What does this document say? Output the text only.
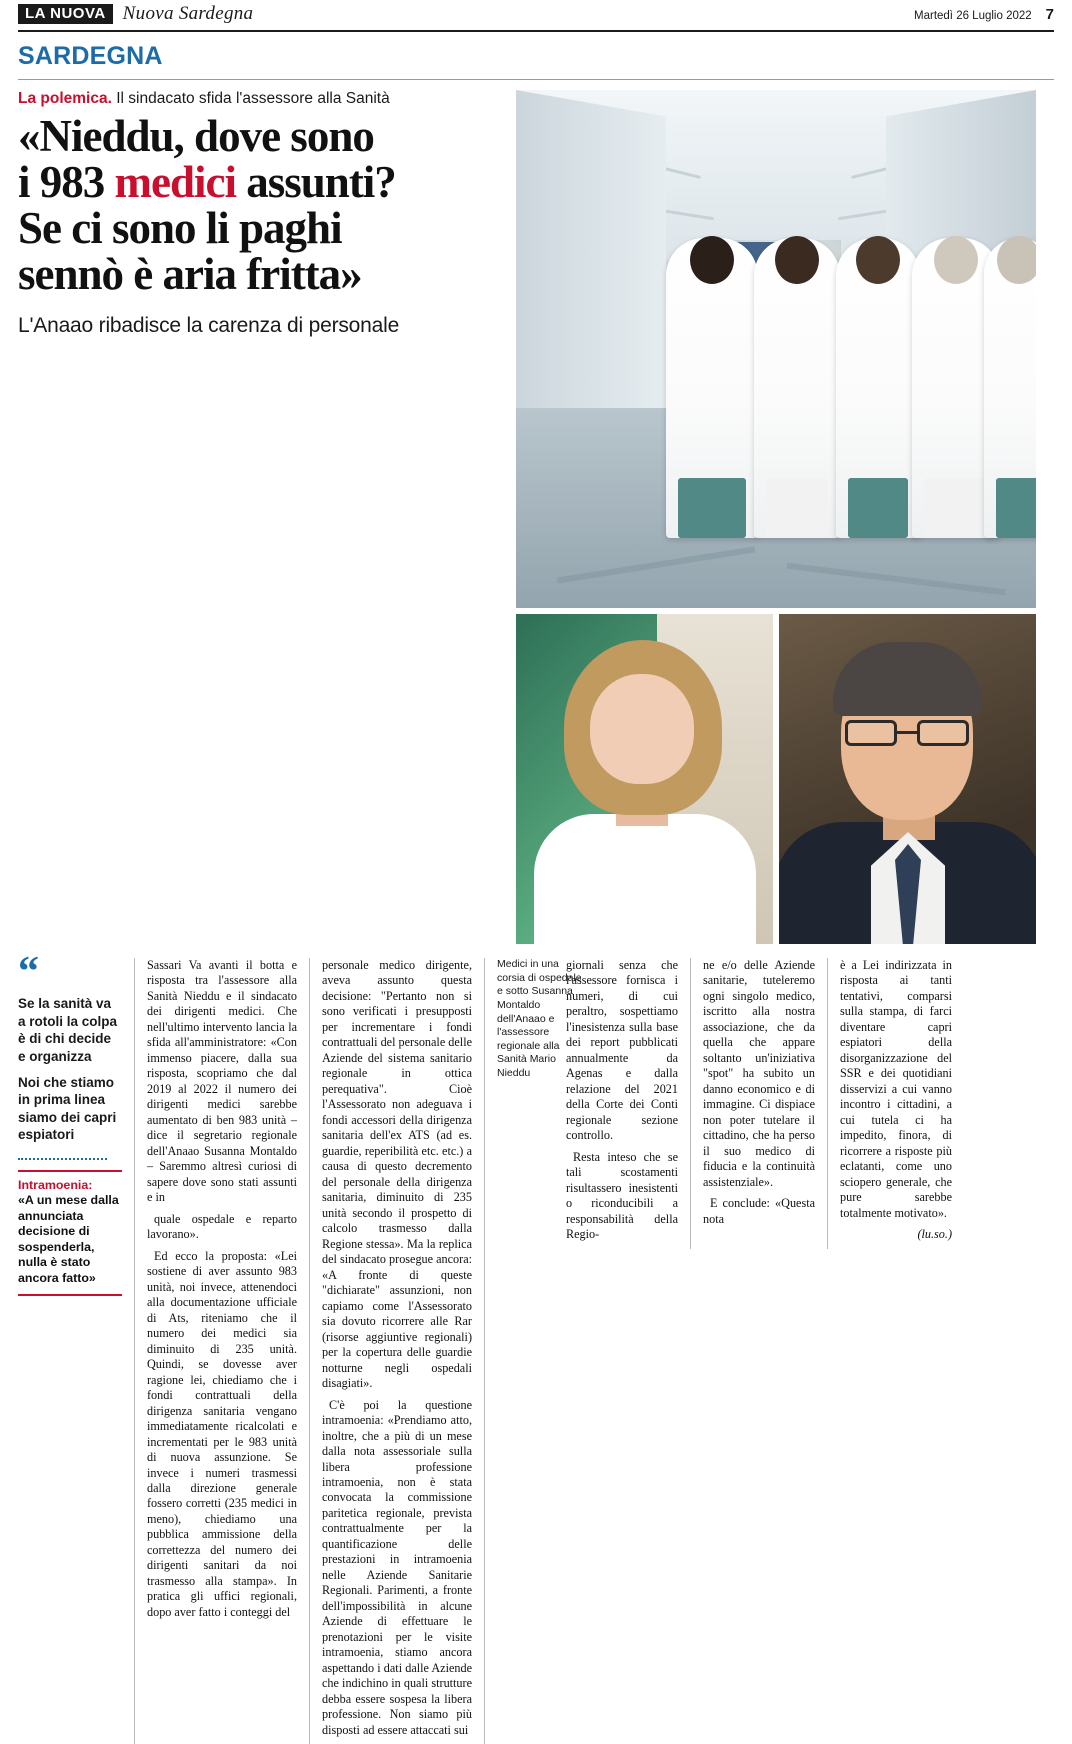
LA NUOVA Nuova Sardegna	Martedì 26 Luglio 2022 7
SARDEGNA
La polemica. Il sindacato sfida l'assessore alla Sanità
«Nieddu, dove sono
i 983 medici assunti?
Se ci sono li paghi
sennò è aria fritta»
L'Anaao ribadisce la carenza di personale
“
Se la sanità va a rotoli la colpa è di chi decide e organizza
Noi che stiamo in prima linea siamo dei capri espiatori
Intramoenia:
«A un mese dalla annunciata decisione di sospenderla, nulla è stato ancora fatto»

Sassari Va avanti il botta e risposta tra l'assessore alla Sanità Nieddu e il sindacato dei dirigenti medici. Che nell'ultimo intervento lancia la sfida all'amministratore: «Con immenso piacere, dalla sua risposta, scopriamo che dal 2019 al 2022 il numero dei dirigenti medici sarebbe aumentato di ben 983 unità – dice il segretario regionale dell'Anaao Susanna Montaldo – Saremmo altresì curiosi di sapere dove sono stati assunti e in

quale ospedale e reparto lavorano».

Ed ecco la proposta: «Lei sostiene di aver assunto 983 unità, noi invece, attenendoci alla documentazione ufficiale di Ats, riteniamo che il numero dei medici sia diminuito di 235 unità. Quindi, se dovesse aver ragione lei, chiediamo che i fondi contrattuali della dirigenza sanitaria vengano immediatamente ricalcolati e incrementati per le 983 unità di nuova assunzione. Se invece i numeri trasmessi dalla direzione generale fossero corretti (235 medici in meno), chiediamo una pubblica ammissione della correttezza del numero dei dirigenti sanitari da noi trasmesso alla stampa». In pratica gli uffici regionali, dopo aver fatto i conteggi del

personale medico dirigente, aveva assunto questa decisione: "Pertanto non si sono verificati i presupposti per incrementare i fondi contrattuali del personale delle Aziende del sistema sanitario regionale in ottica perequativa". Cioè l'Assessorato non adeguava i fondi accessori della dirigenza sanitaria dell'ex ATS (ad es. guardie, reperibilità etc. etc.) a causa di questo decremento del personale della dirigenza sanitaria, diminuito di 235 unità secondo il prospetto di calcolo trasmesso dalla Regione stessa». Ma la replica del sindacato prosegue ancora: «A fronte di queste "dichiarate" assunzioni, non capiamo come l'Assessorato sia dovuto ricorrere alle Rar (risorse aggiuntive regionali) per la copertura delle guardie notturne negli ospedali disagiati».

C'è poi la questione intramoenia: «Prendiamo atto, inoltre, che a più di un mese dalla nota assessoriale sulla libera professione intramoenia, non è stata convocata la commissione paritetica regionale, prevista contrattualmente per la quantificazione delle prestazioni in intramoenia nelle Aziende Sanitarie Regionali. Parimenti, a fronte dell'impossibilità in alcune Aziende di effettuare le prenotazioni per le visite intramoenia, stiamo ancora aspettando i dati dalle Aziende che indichino in quali strutture debba essere sospesa la libera professione. Non siamo più disposti ad essere attaccati sui

Medici in una corsia di ospedale e sotto Susanna Montaldo dell'Anaao e l'assessore regionale alla Sanità Mario Nieddu

giornali senza che l'assessore fornisca i numeri, di cui peraltro, sospettiamo l'inesistenza sulla base dei report pubblicati annualmente da Agenas e dalla relazione del 2021 della Corte dei Conti regionale sezione controllo.

Resta inteso che se tali scostamenti risultassero inesistenti o riconducibili a responsabilità della Regio-

ne e/o delle Aziende sanitarie, tuteleremo ogni singolo medico, iscritto alla nostra associazione, che da quella che appare soltanto un'iniziativa "spot" ha subito un danno economico e di immagine. Ci dispiace non poter tutelare il cittadino, che ha perso il suo medico di fiducia e la continuità assistenziale».

E conclude: «Questa nota

è a Lei indirizzata in risposta ai tanti tentativi, comparsi sulla stampa, di farci diventare capri espiatori della disorganizzazione del SSR e dei quotidiani disservizi a cui vanno incontro i cittadini, a cui tutela ci ha impedito, finora, di ricorrere a risposte più eclatanti, come uno sciopero generale, che pure sarebbe totalmente motivato».

(lu.so.)
